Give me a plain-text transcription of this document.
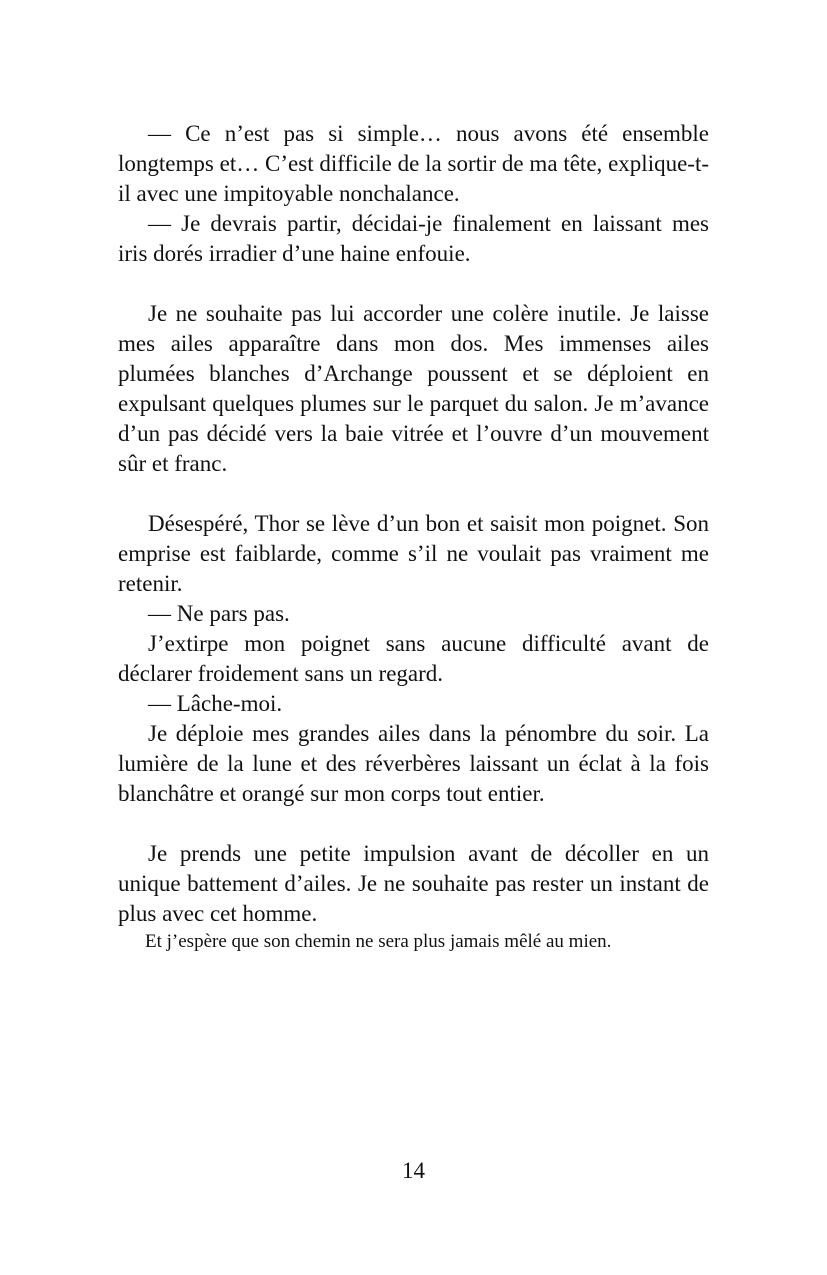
— Ce n’est pas si simple… nous avons été ensemble longtemps et… C’est difficile de la sortir de ma tête, explique-t-il avec une impitoyable nonchalance.

— Je devrais partir, décidai-je finalement en laissant mes iris dorés irradier d’une haine enfouie.

Je ne souhaite pas lui accorder une colère inutile. Je laisse mes ailes apparaître dans mon dos. Mes immenses ailes plumées blanches d’Archange poussent et se déploient en expulsant quelques plumes sur le parquet du salon. Je m’avance d’un pas décidé vers la baie vitrée et l’ouvre d’un mouvement sûr et franc.

Désespéré, Thor se lève d’un bon et saisit mon poignet. Son emprise est faiblarde, comme s’il ne voulait pas vraiment me retenir.

— Ne pars pas.

J’extirpe mon poignet sans aucune difficulté avant de déclarer froidement sans un regard.

— Lâche-moi.

Je déploie mes grandes ailes dans la pénombre du soir. La lumière de la lune et des réverbères laissant un éclat à la fois blanchâtre et orangé sur mon corps tout entier.

Je prends une petite impulsion avant de décoller en un unique battement d’ailes. Je ne souhaite pas rester un instant de plus avec cet homme.

Et j’espère que son chemin ne sera plus jamais mêlé au mien.

14
